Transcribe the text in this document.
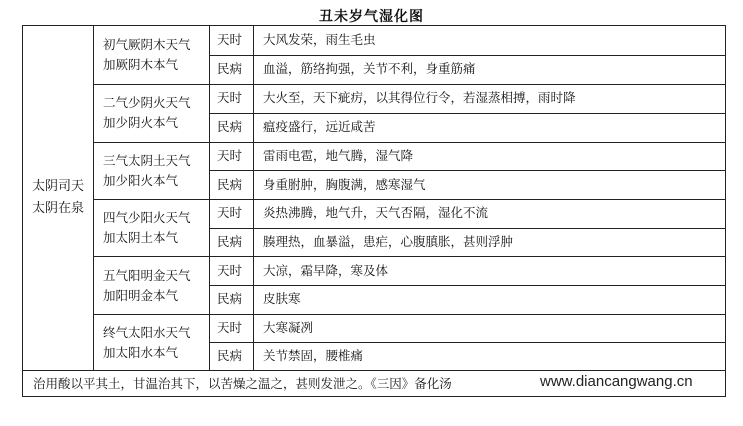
丑未岁气湿化图
太阴司天
太阴在泉
初气厥阴木天气
加厥阴木本气
天时 大风发荣，雨生毛虫
民病 血溢，筋络拘强，关节不利，身重筋痛
二气少阴火天气
加少阴火本气
天时 大火至，天下疵疠，以其得位行令，若湿蒸相搏，雨时降
民病 瘟疫盛行，远近咸苦
三气太阴土天气
加少阳火本气
天时 雷雨电雹，地气腾，湿气降
民病 身重胕肿，胸腹满，感寒湿气
四气少阳火天气
加太阴土本气
天时 炎热沸腾，地气升，天气否隔，湿化不流
民病 腠理热，血暴溢，患疟，心腹䐜胀，甚则浮肿
五气阳明金天气
加阳明金本气
天时 大凉，霜早降，寒及体
民病 皮肤寒
终气太阳水天气
加太阳水本气
天时 大寒凝冽
民病 关节禁固，腰椎痛
治用酸以平其土，甘温治其下，以苦燥之温之，甚则发泄之。《三因》备化汤	www.diancangwang.cn
